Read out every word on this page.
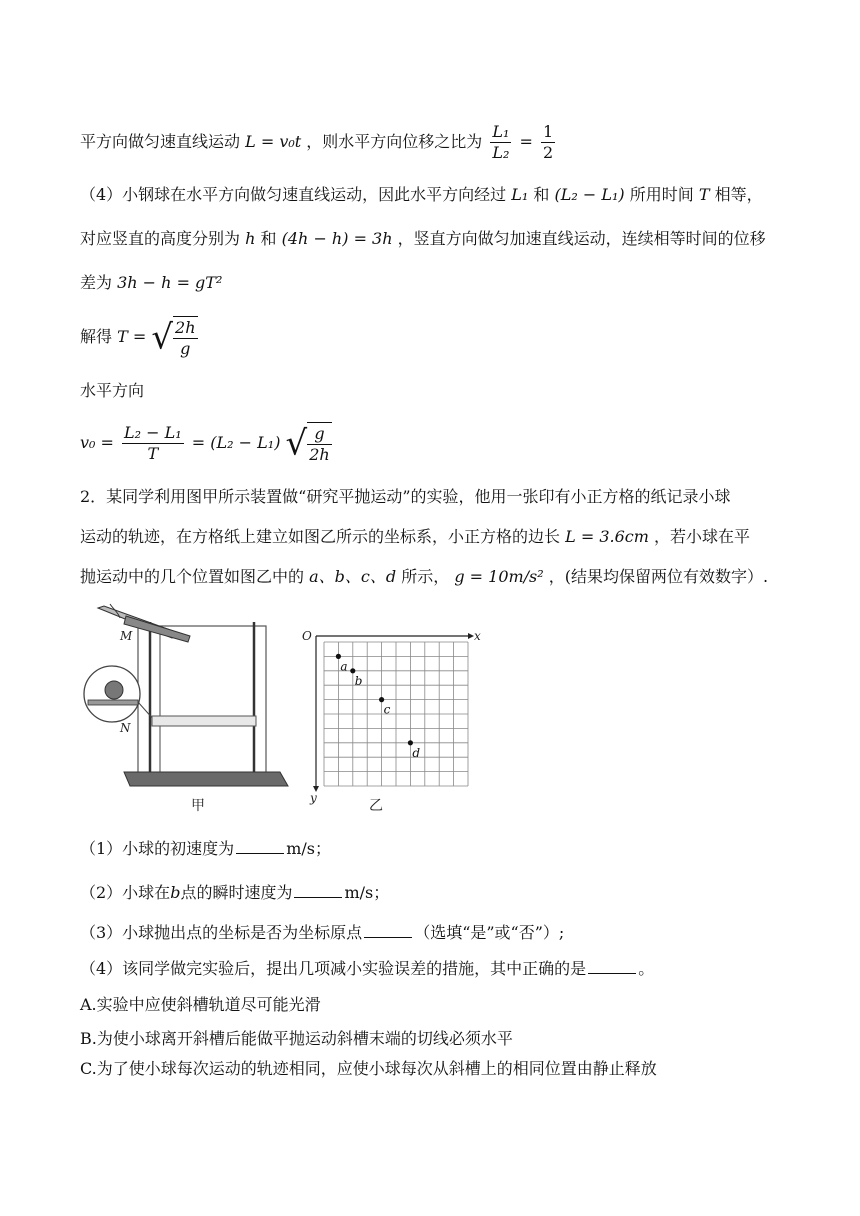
平方向做匀速直线运动 L = v₀t ，则水平方向位移之比为 $\frac{\text{L₁}}{\text{L₂}} = \frac{1}{2}$
（4）小钢球在水平方向做匀速直线运动，因此水平方向经过 L₁ 和 (L₂ − L₁) 所用时间 T 相等，
对应竖直的高度分别为 h 和 (4h − h) = 3h ，竖直方向做匀加速直线运动，连续相等时间的位移
差为 3h − h = gT²
解得 T = √ $\frac{2h}{g}$
水平方向
$v_0 = \frac{\text{L₂ − L₁}}{T} = (L_2 - L_1)$ √ $\frac{g}{2h}$
2．某同学利用图甲所示装置做“研究平抛运动”的实验，他用一张印有小正方格的纸记录小球
运动的轨迹，在方格纸上建立如图乙所示的坐标系，小正方格的边长 L = 3.6cm ，若小球在平
抛运动中的几个位置如图乙中的 a、b、c、d 所示， g = 10m/s² ，(结果均保留两位有效数字）.
M
N
甲
O	x
y
a
b
c
d
乙
（1）小球的初速度为	m/s；
（2）小球在b点的瞬时速度为	m/s；
（3）小球抛出点的坐标是否为坐标原点	（选填“是”或“否”）;
（4）该同学做完实验后，提出几项减小实验误差的措施，其中正确的是	。
A.实验中应使斜槽轨道尽可能光滑
B.为使小球离开斜槽后能做平抛运动斜槽末端的切线必须水平
C.为了使小球每次运动的轨迹相同，应使小球每次从斜槽上的相同位置由静止释放
